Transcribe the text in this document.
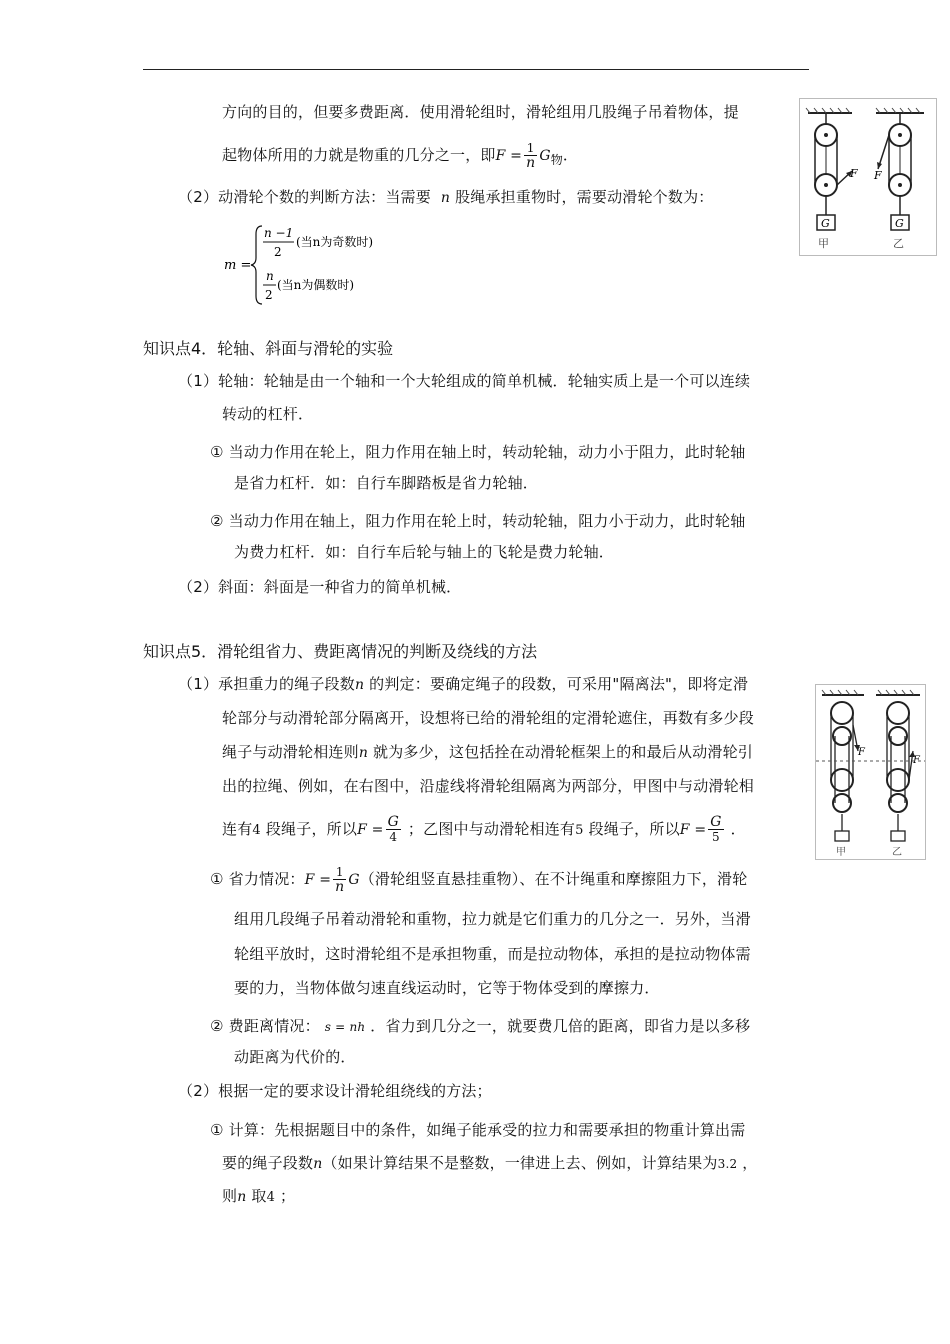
方向的目的，但要多费距离．使用滑轮组时，滑轮组用几股绳子吊着物体，提
起物体所用的力就是物重的几分之一，即$F = \frac{1}{n} G_物$．
（2）动滑轮个数的判断方法：当需要 n 股绳承担重物时，需要动滑轮个数为：
m =
n −1
2
(当n为奇数时)
n
2
(当n为偶数时)
F
G
甲
F
G
乙
知识点4．轮轴、斜面与滑轮的实验
（1）轮轴：轮轴是由一个轴和一个大轮组成的简单机械．轮轴实质上是一个可以连续
转动的杠杆．
① 当动力作用在轮上，阻力作用在轴上时，转动轮轴，动力小于阻力，此时轮轴
是省力杠杆．如：自行车脚踏板是省力轮轴．
② 当动力作用在轴上，阻力作用在轮上时，转动轮轴，阻力小于动力，此时轮轴
为费力杠杆．如：自行车后轮与轴上的飞轮是费力轮轴．
（2）斜面：斜面是一种省力的简单机械．
知识点5．滑轮组省力、费距离情况的判断及绕线的方法
（1）承担重力的绳子段数n 的判定：要确定绳子的段数，可采用"隔离法"，即将定滑
轮部分与动滑轮部分隔离开，设想将已给的滑轮组的定滑轮遮住，再数有多少段
绳子与动滑轮相连则n 就为多少，这包括拴在动滑轮框架上的和最后从动滑轮引
出的拉绳、例如，在右图中，沿虚线将滑轮组隔离为两部分，甲图中与动滑轮相
连有4 段绳子，所以$F = \frac{G}{4}$ ；乙图中与动滑轮相连有5 段绳子，所以$F = \frac{G}{5}$ ．
F
甲
F
乙
① 省力情况：$F = \frac{1}{n} G$（滑轮组竖直悬挂重物）、在不计绳重和摩擦阻力下，滑轮
组用几段绳子吊着动滑轮和重物，拉力就是它们重力的几分之一．另外，当滑
轮组平放时，这时滑轮组不是承担物重，而是拉动物体，承担的是拉动物体需
要的力，当物体做匀速直线运动时，它等于物体受到的摩擦力．
② 费距离情况： s = nh ．省力到几分之一，就要费几倍的距离，即省力是以多移
动距离为代价的．
（2）根据一定的要求设计滑轮组绕线的方法；
① 计算：先根据题目中的条件，如绳子能承受的拉力和需要承担的物重计算出需
要的绳子段数n（如果计算结果不是整数，一律进上去、例如，计算结果为3.2 ，
则n 取4 ；
